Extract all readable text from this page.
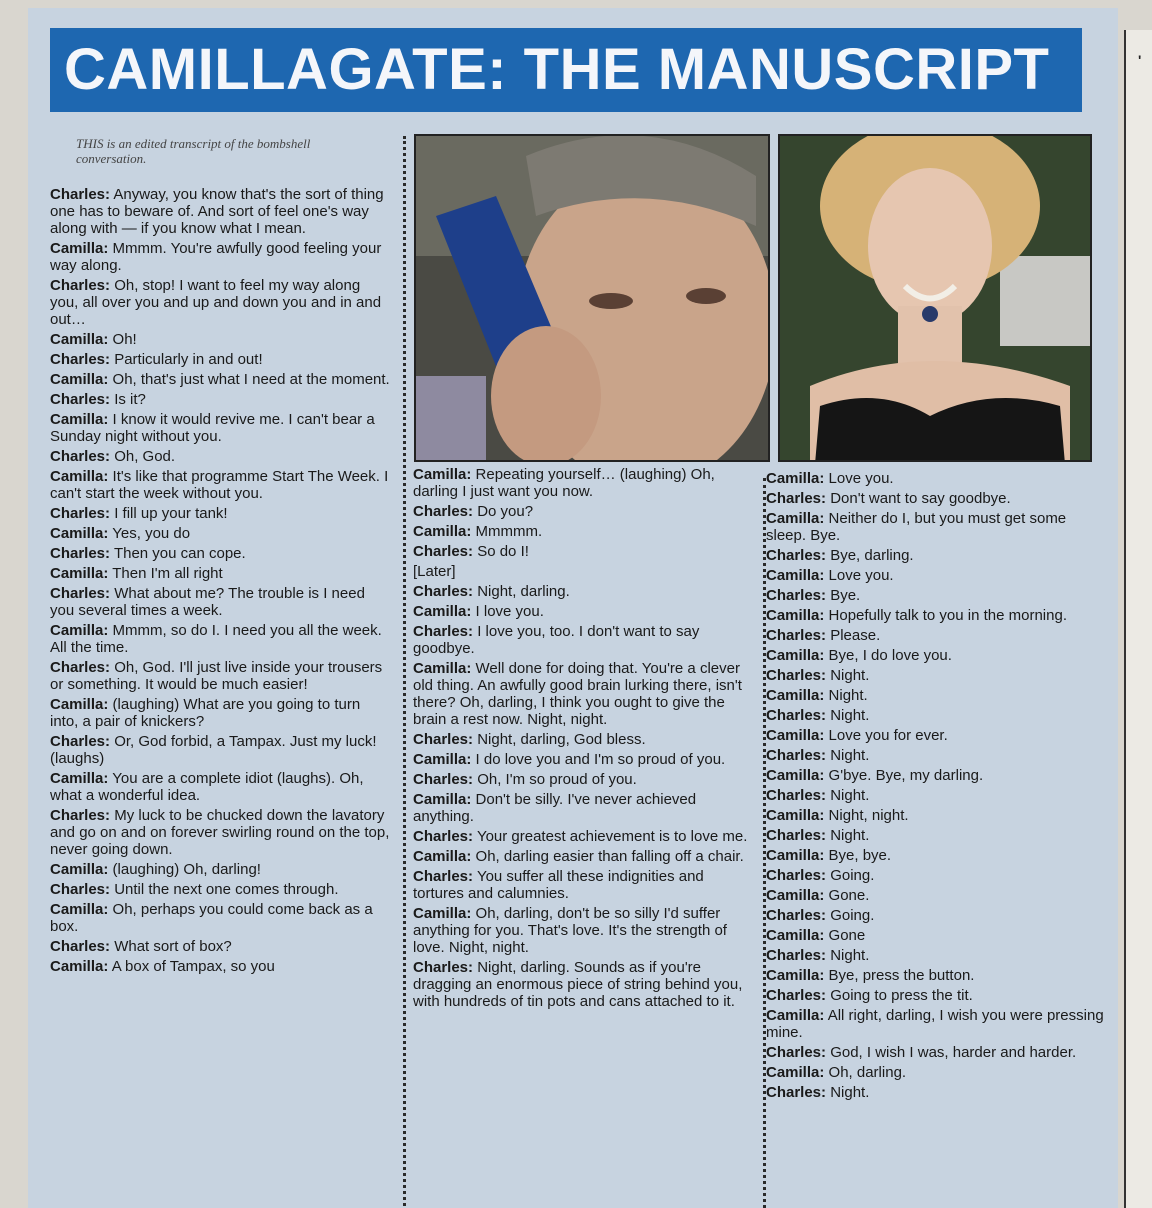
CAMILLAGATE: THE MANUSCRIPT

THIS is an edited transcript of the bombshell conversation.

Charles: Anyway, you know that's the sort of thing one has to beware of. And sort of feel one's way along with — if you know what I mean.

Camilla: Mmmm. You're awfully good feeling your way along.

Charles: Oh, stop! I want to feel my way along you, all over you and up and down you and in and out…

Camilla: Oh!

Charles: Particularly in and out!

Camilla: Oh, that's just what I need at the moment.

Charles: Is it?

Camilla: I know it would revive me. I can't bear a Sunday night without you.

Charles: Oh, God.

Camilla: It's like that programme Start The Week. I can't start the week without you.

Charles: I fill up your tank!

Camilla: Yes, you do

Charles: Then you can cope.

Camilla: Then I'm all right

Charles: What about me? The trouble is I need you several times a week.

Camilla: Mmmm, so do I. I need you all the week. All the time.

Charles: Oh, God. I'll just live inside your trousers or something. It would be much easier!

Camilla: (laughing) What are you going to turn into, a pair of knickers?

Charles: Or, God forbid, a Tampax. Just my luck! (laughs)

Camilla: You are a complete idiot (laughs). Oh, what a wonderful idea.

Charles: My luck to be chucked down the lavatory and go on and on forever swirling round on the top, never going down.

Camilla: (laughing) Oh, darling!

Charles: Until the next one comes through.

Camilla: Oh, perhaps you could come back as a box.

Charles: What sort of box?

Camilla: A box of Tampax, so you

Camilla: Repeating yourself… (laughing) Oh, darling I just want you now.

Charles: Do you?

Camilla: Mmmmm.

Charles: So do I!

[Later]

Charles: Night, darling.

Camilla: I love you.

Charles: I love you, too. I don't want to say goodbye.

Camilla: Well done for doing that. You're a clever old thing. An awfully good brain lurking there, isn't there? Oh, darling, I think you ought to give the brain a rest now. Night, night.

Charles: Night, darling, God bless.

Camilla: I do love you and I'm so proud of you.

Charles: Oh, I'm so proud of you.

Camilla: Don't be silly. I've never achieved anything.

Charles: Your greatest achievement is to love me.

Camilla: Oh, darling easier than falling off a chair.

Charles: You suffer all these indignities and tortures and calumnies.

Camilla: Oh, darling, don't be so silly I'd suffer anything for you. That's love. It's the strength of love. Night, night.

Charles: Night, darling. Sounds as if you're dragging an enormous piece of string behind you, with hundreds of tin pots and cans attached to it.

Camilla: Love you.

Charles: Don't want to say goodbye.

Camilla: Neither do I, but you must get some sleep. Bye.

Charles: Bye, darling.

Camilla: Love you.

Charles: Bye.

Camilla: Hopefully talk to you in the morning.

Charles: Please.

Camilla: Bye, I do love you.

Charles: Night.

Camilla: Night.

Charles: Night.

Camilla: Love you for ever.

Charles: Night.

Camilla: G'bye. Bye, my darling.

Charles: Night.

Camilla: Night, night.

Charles: Night.

Camilla: Bye, bye.

Charles: Going.

Camilla: Gone.

Charles: Going.

Camilla: Gone

Charles: Night.

Camilla: Bye, press the button.

Charles: Going to press the tit.

Camilla: All right, darling, I wish you were pressing mine.

Charles: God, I wish I was, harder and harder.

Camilla: Oh, darling.

Charles: Night.

'
